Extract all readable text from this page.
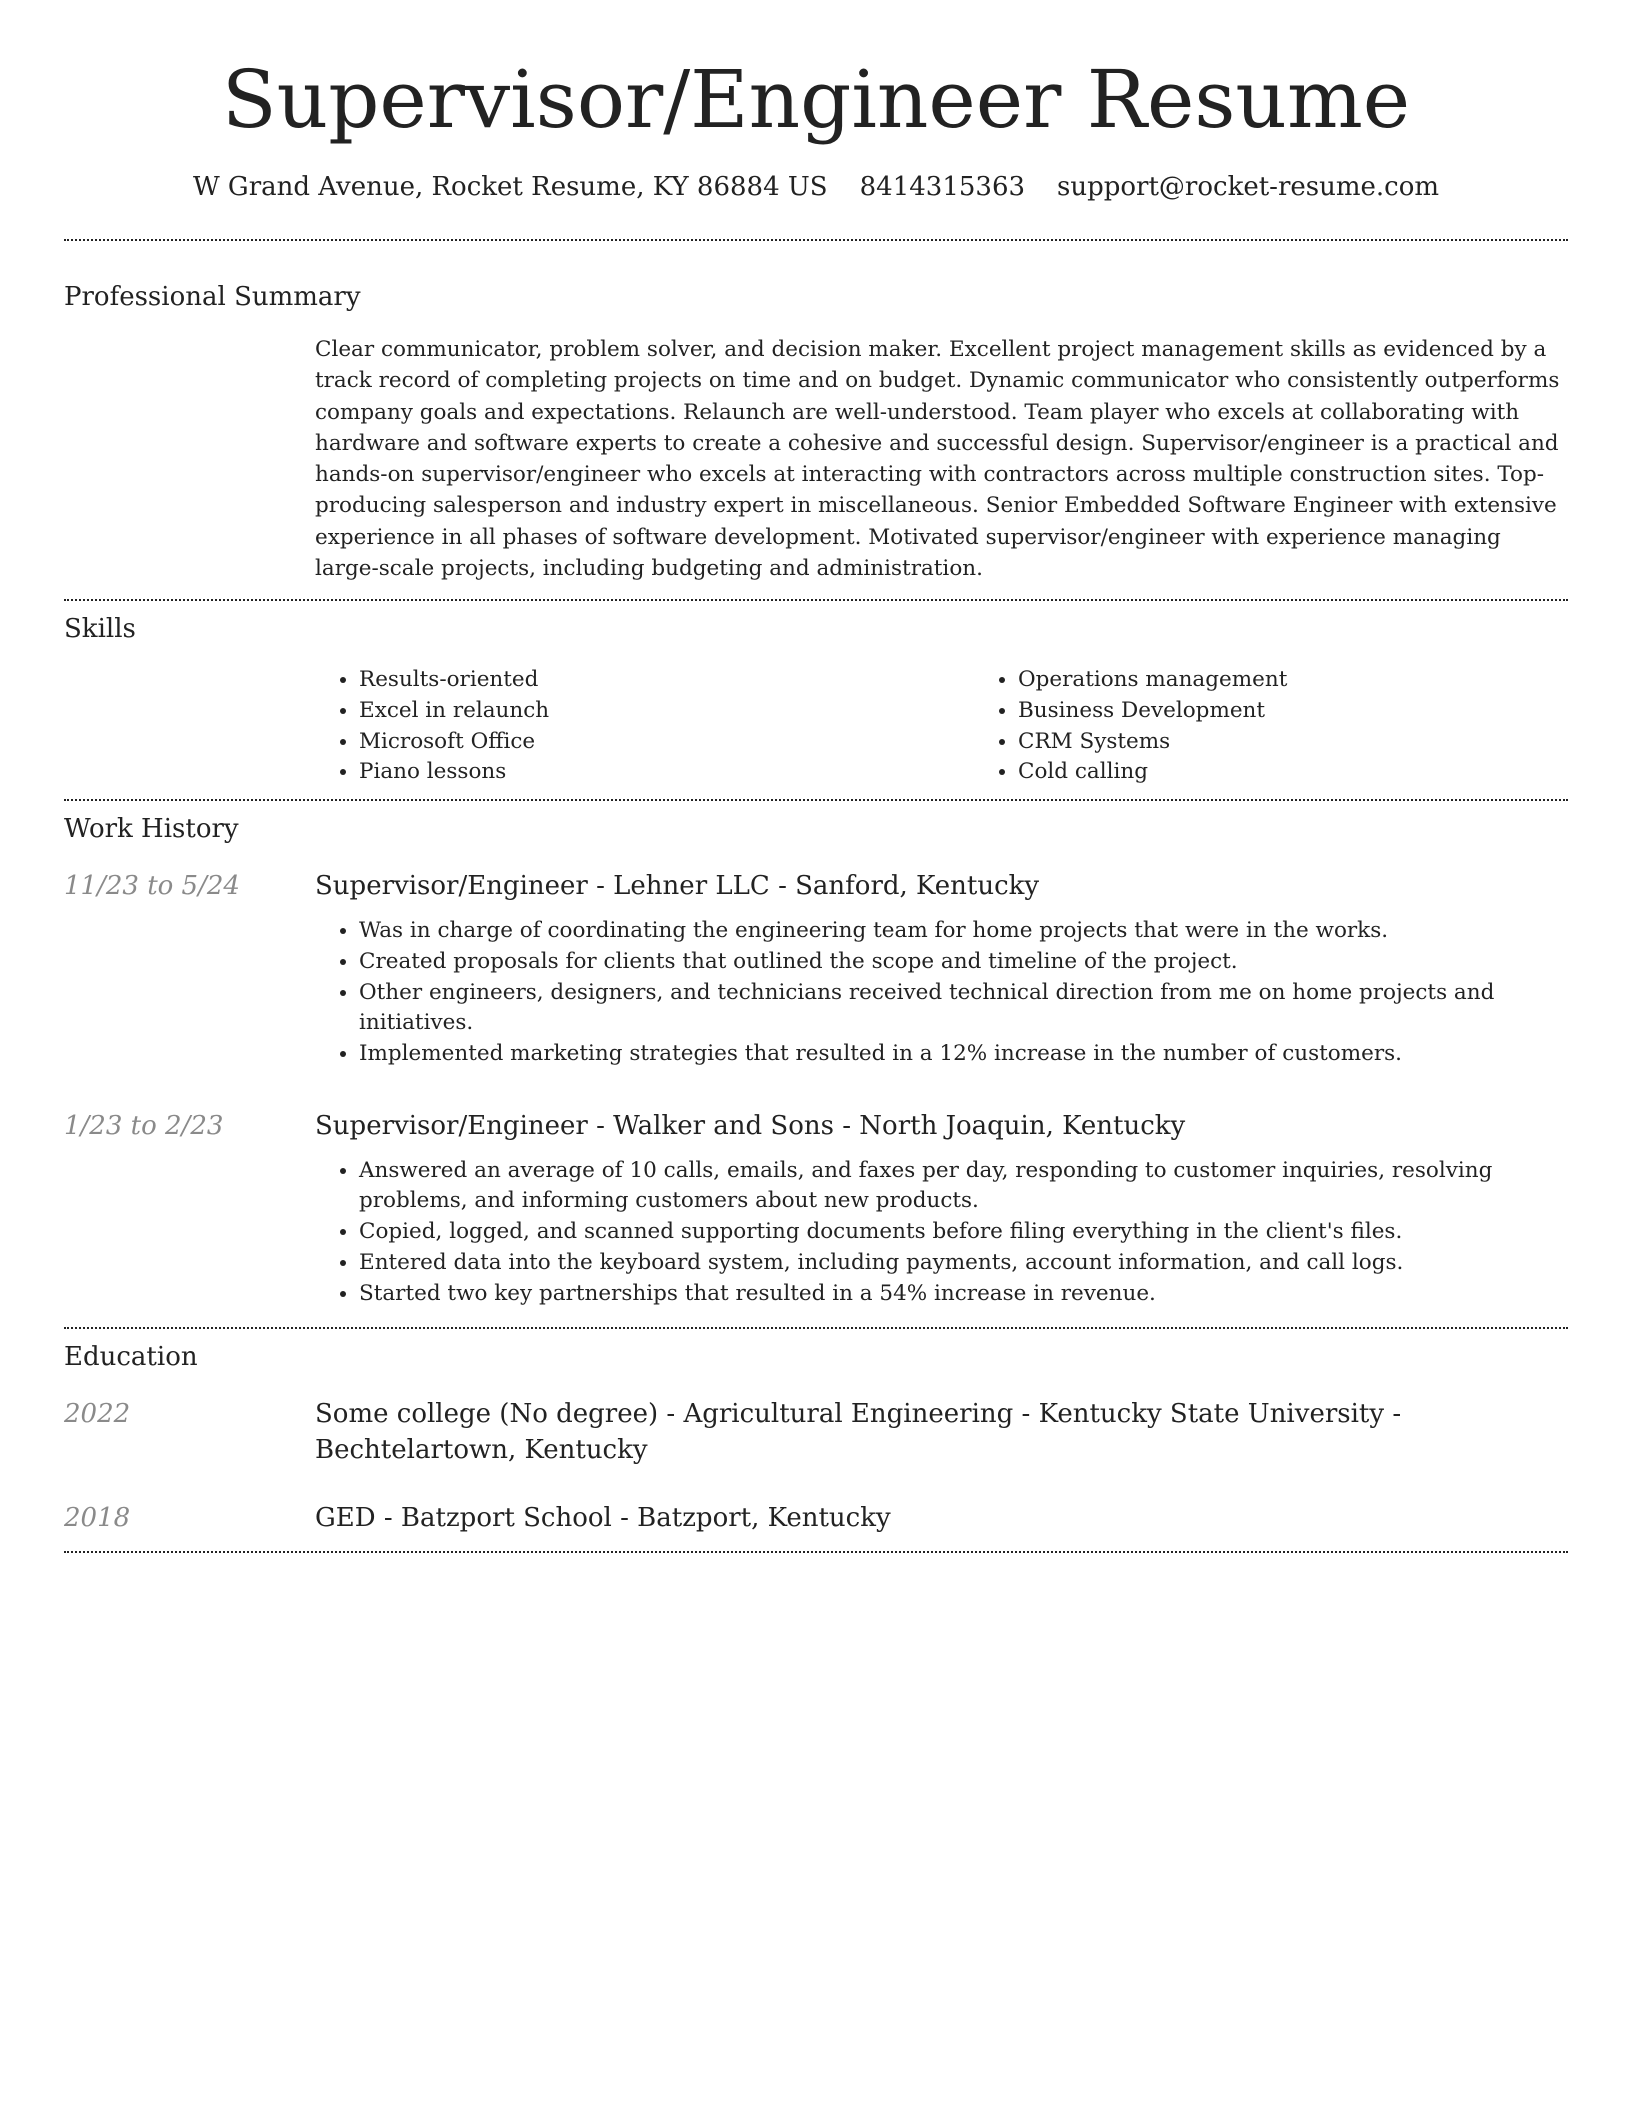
Supervisor/Engineer Resume
W Grand Avenue, Rocket Resume, KY 86884 US 8414315363 support@rocket-resume.com
Professional Summary

Clear communicator, problem solver, and decision maker. Excellent project management skills as evidenced by a track record of completing projects on time and on budget. Dynamic communicator who consistently outperforms company goals and expectations. Relaunch are well-understood. Team player who excels at collaborating with hardware and software experts to create a cohesive and successful design. Supervisor/engineer is a practical and hands-on supervisor/engineer who excels at interacting with contractors across multiple construction sites. Top-producing salesperson and industry expert in miscellaneous. Senior Embedded Software Engineer with extensive experience in all phases of software development. Motivated supervisor/engineer with experience managing large-scale projects, including budgeting and administration.

Skills
• Results-oriented
• Excel in relaunch
• Microsoft Office
• Piano lessons
• Operations management
• Business Development
• CRM Systems
• Cold calling
Work History
11/23 to 5/24	Supervisor/Engineer - Lehner LLC - Sanford, Kentucky

• Was in charge of coordinating the engineering team for home projects that were in the works.
• Created proposals for clients that outlined the scope and timeline of the project.
• Other engineers, designers, and technicians received technical direction from me on home projects and initiatives.
• Implemented marketing strategies that resulted in a 12% increase in the number of customers.
1/23 to 2/23	Supervisor/Engineer - Walker and Sons - North Joaquin, Kentucky

• Answered an average of 10 calls, emails, and faxes per day, responding to customer inquiries, resolving problems, and informing customers about new products.
• Copied, logged, and scanned supporting documents before filing everything in the client's files.
• Entered data into the keyboard system, including payments, account information, and call logs.
• Started two key partnerships that resulted in a 54% increase in revenue.
Education
2022	Some college (No degree) - Agricultural Engineering - Kentucky State University - Bechtelartown, Kentucky

2018	GED - Batzport School - Batzport, Kentucky
